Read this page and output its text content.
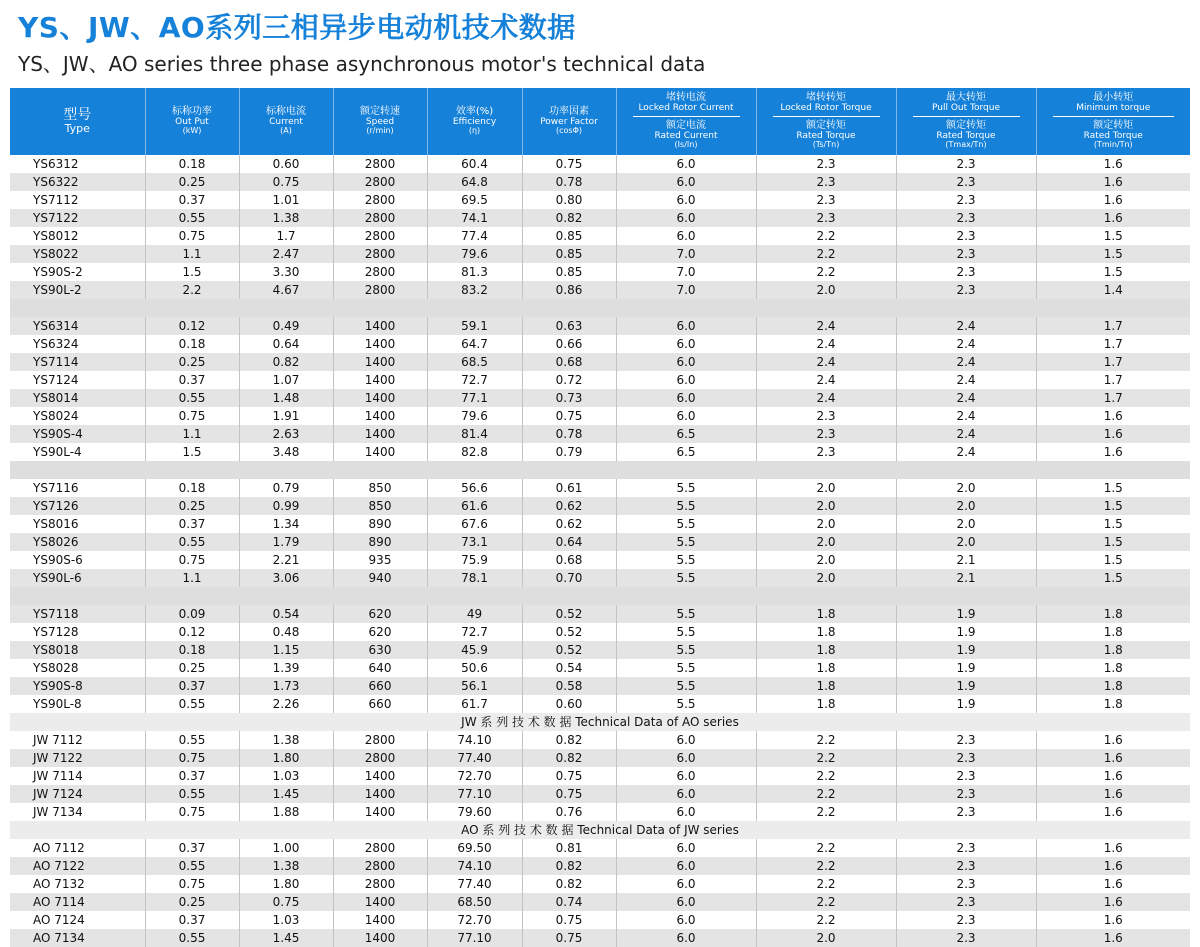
YS、JW、AO系列三相异步电动机技术数据
YS、JW、AO series three phase asynchronous motor's technical data
型号
Type	标称功率
Out Put
(kW)	标称电流
Current
(A)	额定转速
Speed
(r/min)	效率(%)
Efficiency
(η)	功率因素
Power Factor
(cosΦ)	堵转电流
Locked Rotor Current
额定电流
Rated Current
(Is/In)	堵转转矩
Locked Rotor Torque
额定转矩
Rated Torque
(Ts/Tn)	最大转矩
Pull Out Torque
额定转矩
Rated Torque
(Tmax/Tn)	最小转矩
Minimum torque
额定转矩
Rated Torque
(Tmin/Tn)

YS6312	0.18	0.60	2800	60.4	0.75	6.0	2.3	2.3	1.6
YS6322	0.25	0.75	2800	64.8	0.78	6.0	2.3	2.3	1.6
YS7112	0.37	1.01	2800	69.5	0.80	6.0	2.3	2.3	1.6
YS7122	0.55	1.38	2800	74.1	0.82	6.0	2.3	2.3	1.6
YS8012	0.75	1.7	2800	77.4	0.85	6.0	2.2	2.3	1.5
YS8022	1.1	2.47	2800	79.6	0.85	7.0	2.2	2.3	1.5
YS90S-2	1.5	3.30	2800	81.3	0.85	7.0	2.2	2.3	1.5
YS90L-2	2.2	4.67	2800	83.2	0.86	7.0	2.0	2.3	1.4

YS6314	0.12	0.49	1400	59.1	0.63	6.0	2.4	2.4	1.7
YS6324	0.18	0.64	1400	64.7	0.66	6.0	2.4	2.4	1.7
YS7114	0.25	0.82	1400	68.5	0.68	6.0	2.4	2.4	1.7
YS7124	0.37	1.07	1400	72.7	0.72	6.0	2.4	2.4	1.7
YS8014	0.55	1.48	1400	77.1	0.73	6.0	2.4	2.4	1.7
YS8024	0.75	1.91	1400	79.6	0.75	6.0	2.3	2.4	1.6
YS90S-4	1.1	2.63	1400	81.4	0.78	6.5	2.3	2.4	1.6
YS90L-4	1.5	3.48	1400	82.8	0.79	6.5	2.3	2.4	1.6

YS7116	0.18	0.79	850	56.6	0.61	5.5	2.0	2.0	1.5
YS7126	0.25	0.99	850	61.6	0.62	5.5	2.0	2.0	1.5
YS8016	0.37	1.34	890	67.6	0.62	5.5	2.0	2.0	1.5
YS8026	0.55	1.79	890	73.1	0.64	5.5	2.0	2.0	1.5
YS90S-6	0.75	2.21	935	75.9	0.68	5.5	2.0	2.1	1.5
YS90L-6	1.1	3.06	940	78.1	0.70	5.5	2.0	2.1	1.5

YS7118	0.09	0.54	620	49	0.52	5.5	1.8	1.9	1.8
YS7128	0.12	0.48	620	72.7	0.52	5.5	1.8	1.9	1.8
YS8018	0.18	1.15	630	45.9	0.52	5.5	1.8	1.9	1.8
YS8028	0.25	1.39	640	50.6	0.54	5.5	1.8	1.9	1.8
YS90S-8	0.37	1.73	660	56.1	0.58	5.5	1.8	1.9	1.8
YS90L-8	0.55	2.26	660	61.7	0.60	5.5	1.8	1.9	1.8
JW 系 列 技 术 数 据 Technical Data of AO series									
JW 7112	0.55	1.38	2800	74.10	0.82	6.0	2.2	2.3	1.6
JW 7122	0.75	1.80	2800	77.40	0.82	6.0	2.2	2.3	1.6
JW 7114	0.37	1.03	1400	72.70	0.75	6.0	2.2	2.3	1.6
JW 7124	0.55	1.45	1400	77.10	0.75	6.0	2.2	2.3	1.6
JW 7134	0.75	1.88	1400	79.60	0.76	6.0	2.2	2.3	1.6
AO 系 列 技 术 数 据 Technical Data of JW series									
AO 7112	0.37	1.00	2800	69.50	0.81	6.0	2.2	2.3	1.6
AO 7122	0.55	1.38	2800	74.10	0.82	6.0	2.2	2.3	1.6
AO 7132	0.75	1.80	2800	77.40	0.82	6.0	2.2	2.3	1.6
AO 7114	0.25	0.75	1400	68.50	0.74	6.0	2.2	2.3	1.6
AO 7124	0.37	1.03	1400	72.70	0.75	6.0	2.2	2.3	1.6
AO 7134	0.55	1.45	1400	77.10	0.75	6.0	2.0	2.3	1.6
